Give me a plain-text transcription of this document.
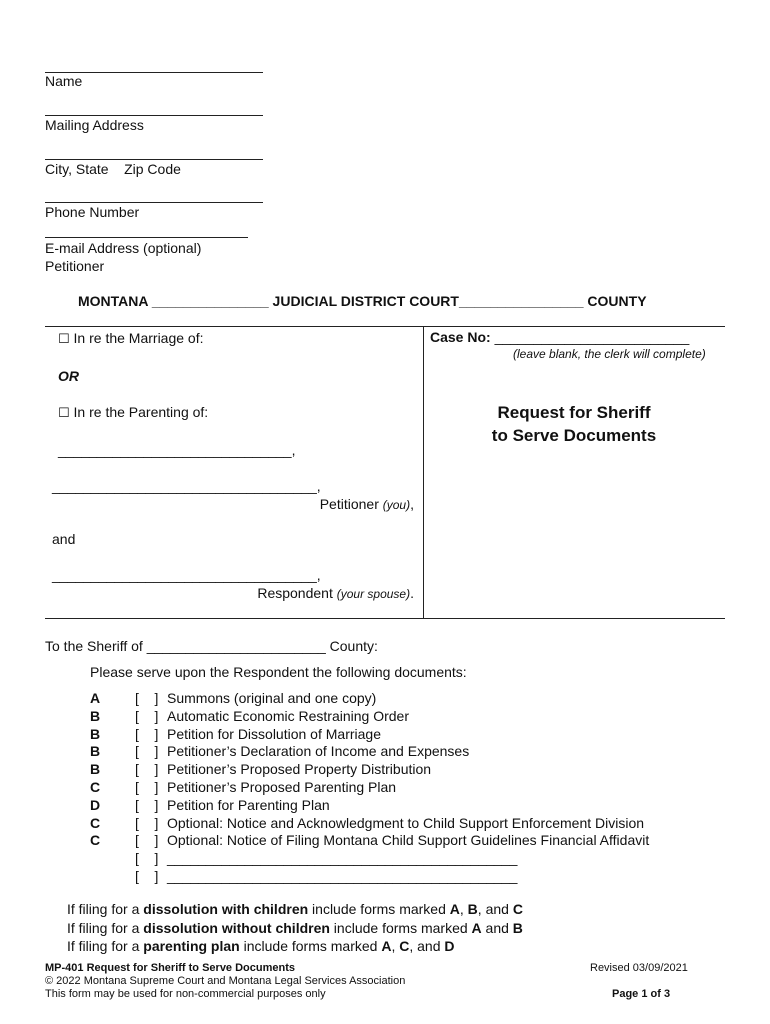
Name
Mailing Address
City, State    Zip Code
Phone Number
E-mail Address (optional)
Petitioner
MONTANA _______________ JUDICIAL DISTRICT COURT________________ COUNTY
☐ In re the Marriage of:
OR
☐ In re the Parenting of:
______________________________,
__________________________________,
Petitioner (you),
and
__________________________________,
Respondent (your spouse).
Case No: _________________________
(leave blank, the clerk will complete)
Request for Sheriff
to Serve Documents
To the Sheriff of _______________________ County:
Please serve upon the Respondent the following documents:
A [    ] Summons (original and one copy)
B [    ] Automatic Economic Restraining Order
B [    ] Petition for Dissolution of Marriage
B [    ] Petitioner’s Declaration of Income and Expenses
B [    ] Petitioner’s Proposed Property Distribution
C [    ] Petitioner’s Proposed Parenting Plan
D [    ] Petition for Parenting Plan
C [    ] Optional: Notice and Acknowledgment to Child Support Enforcement Division
C [    ] Optional: Notice of Filing Montana Child Support Guidelines Financial Affidavit
[    ] _____________________________________________
[    ] _____________________________________________
If filing for a dissolution with children include forms marked A, B, and C
If filing for a dissolution without children include forms marked A and B
If filing for a parenting plan include forms marked A, C, and D
MP-401 Request for Sheriff to Serve Documents
© 2022 Montana Supreme Court and Montana Legal Services Association
This form may be used for non-commercial purposes only
Revised 03/09/2021
Page 1 of 3
